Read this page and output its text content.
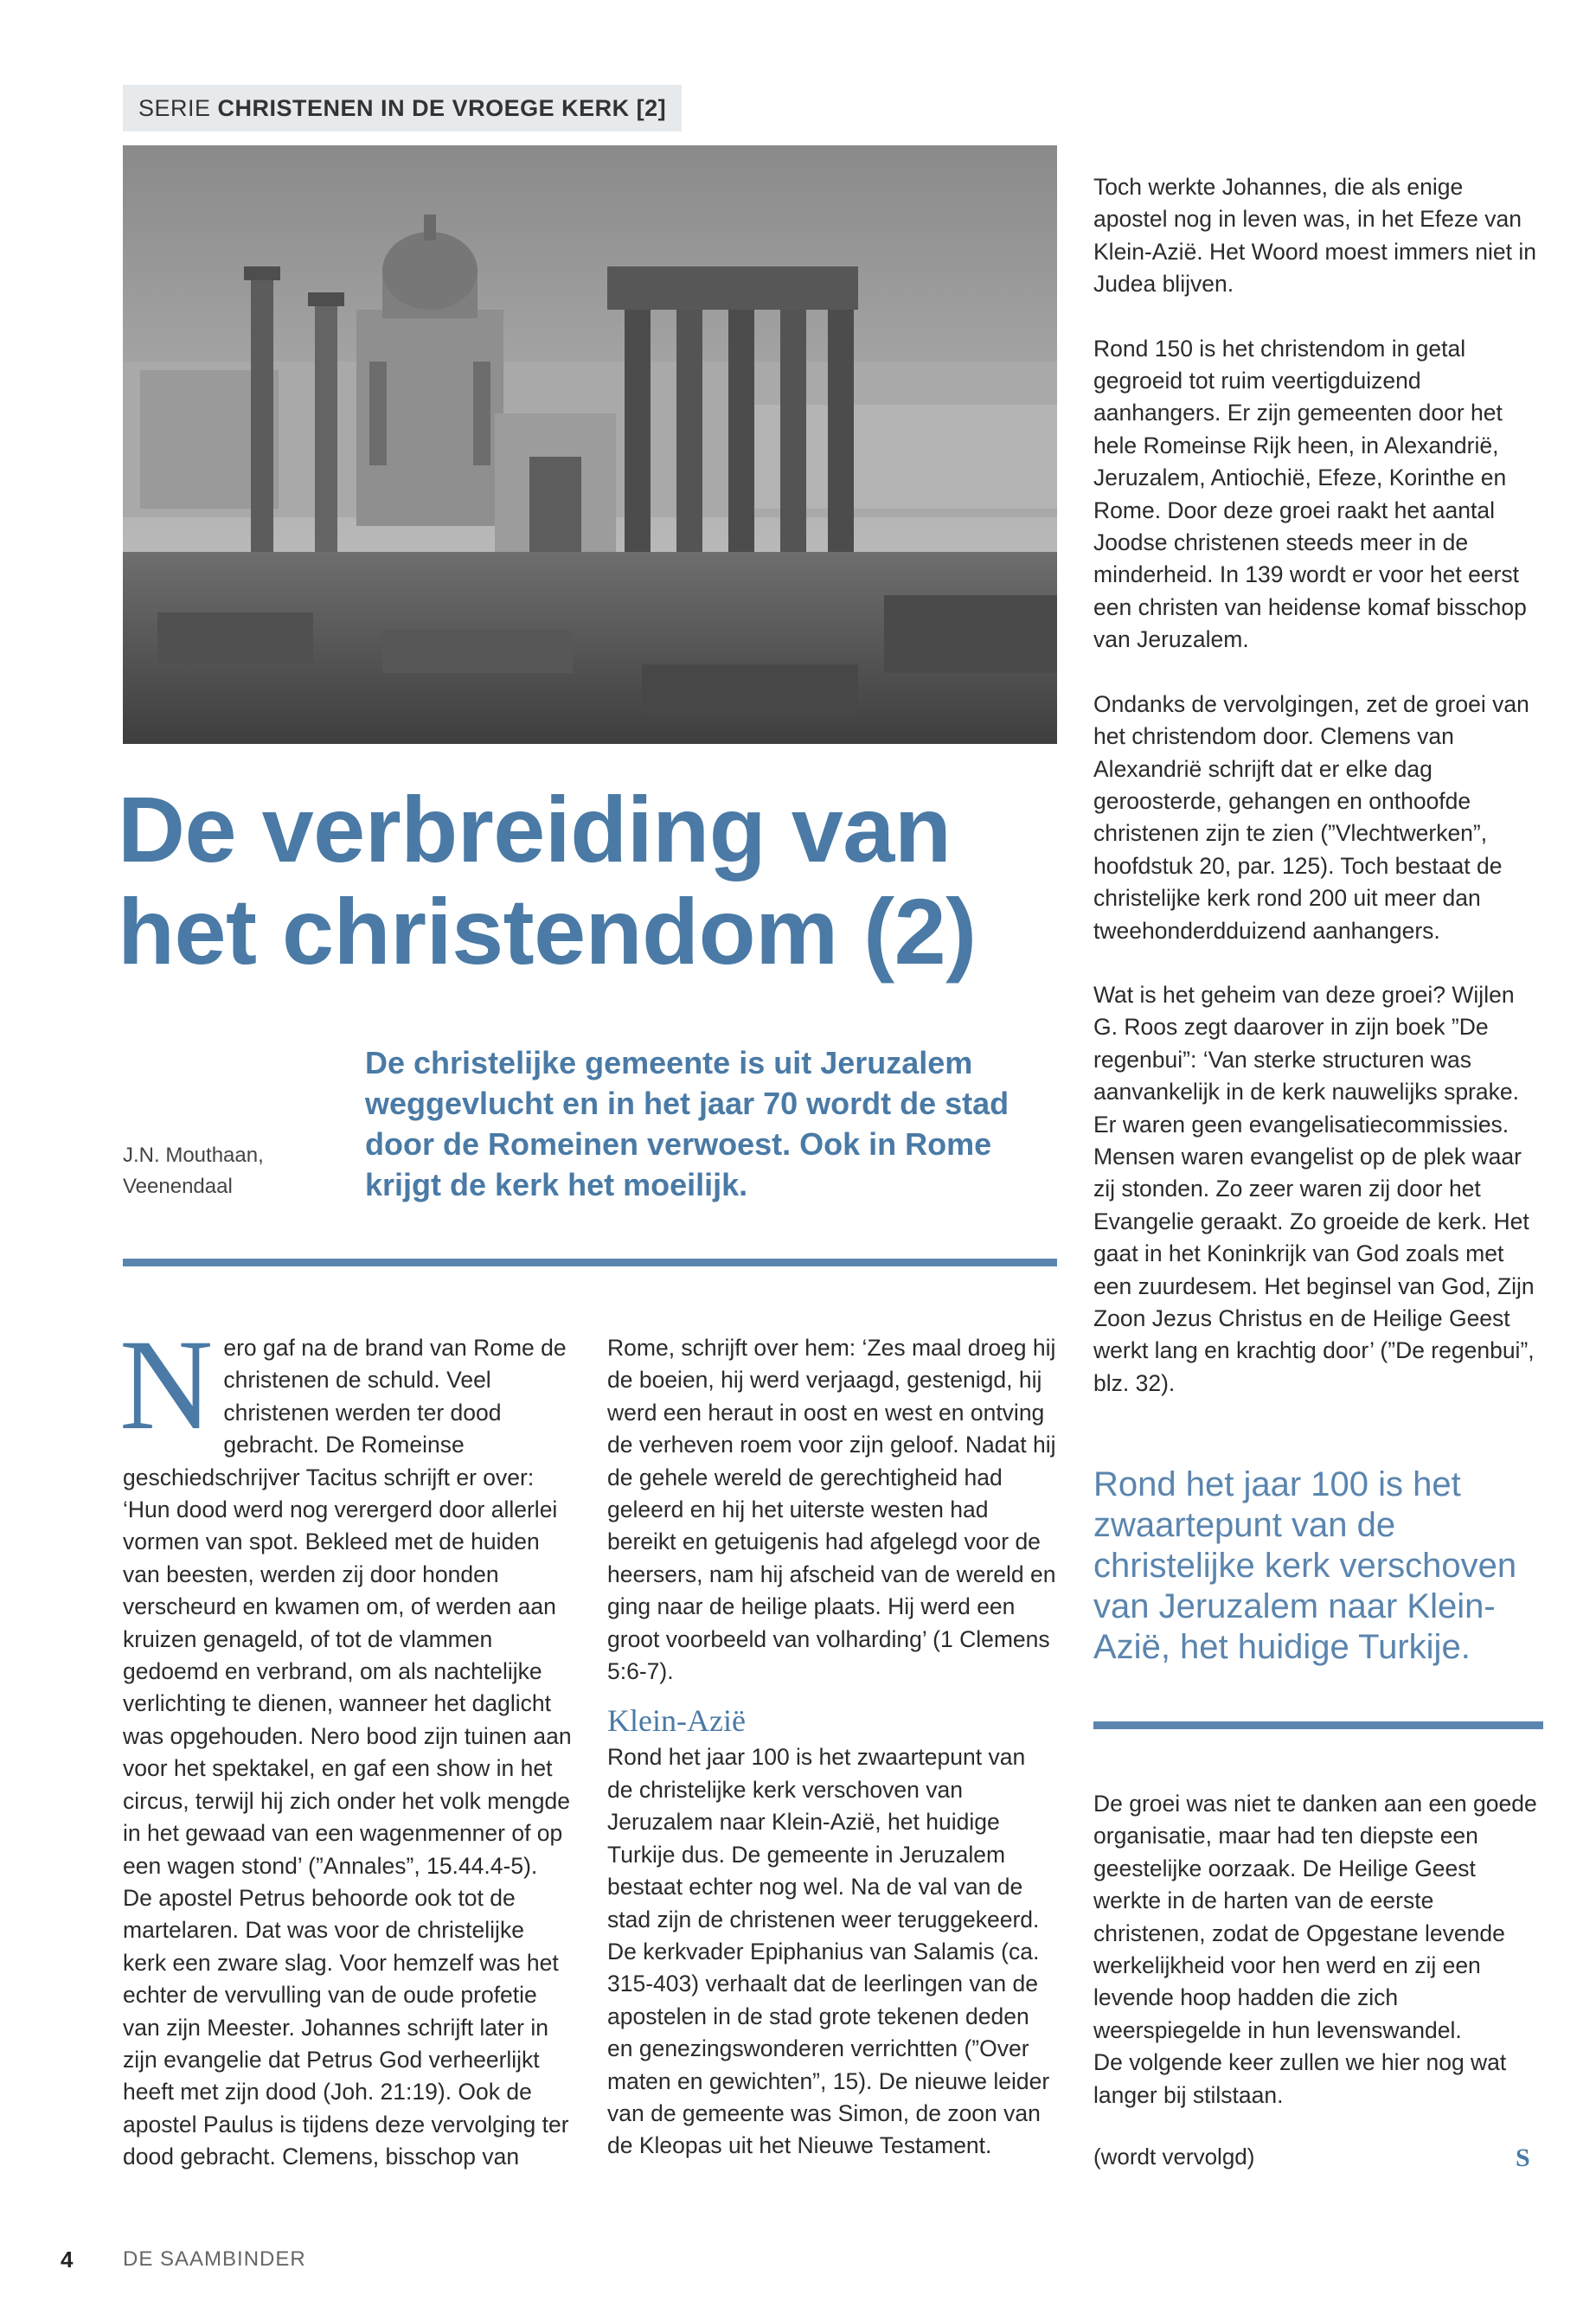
SERIE CHRISTENEN IN DE VROEGE KERK [2]
De verbreiding van
het christendom (2)
J.N. Mouthaan,
Veenendaal
De christelijke gemeente is uit Jeruzalem weggevlucht en in het jaar 70 wordt de stad door de Romeinen verwoest. Ook in Rome krijgt de kerk het moeilijk.

N ero gaf na de brand van Rome de christenen de schuld. Veel christenen werden ter dood gebracht. De Romeinse geschiedschrijver Tacitus schrijft er over: ‘Hun dood werd nog verergerd door allerlei vormen van spot. Bekleed met de huiden van beesten, werden zij door honden verscheurd en kwamen om, of werden aan kruizen genageld, of tot de vlammen gedoemd en verbrand, om als nachtelijke verlichting te dienen, wanneer het daglicht was opgehouden. Nero bood zijn tuinen aan voor het spektakel, en gaf een show in het circus, terwijl hij zich onder het volk mengde in het gewaad van een wagenmenner of op een wagen stond’ (”Annales”, 15.44.4-5).

De apostel Petrus behoorde ook tot de martelaren. Dat was voor de christelijke kerk een zware slag. Voor hemzelf was het echter de vervulling van de oude profetie van zijn Meester. Johannes schrijft later in zijn evangelie dat Petrus God verheerlijkt heeft met zijn dood (Joh. 21:19). Ook de apostel Paulus is tijdens deze vervolging ter dood gebracht. Clemens, bisschop van

Rome, schrijft over hem: ‘Zes maal droeg hij de boeien, hij werd verjaagd, gestenigd, hij werd een heraut in oost en west en ontving de verheven roem voor zijn geloof. Nadat hij de gehele wereld de gerechtigheid had geleerd en hij het uiterste westen had bereikt en getuigenis had afgelegd voor de heersers, nam hij afscheid van de wereld en ging naar de heilige plaats. Hij werd een groot voorbeeld van volharding’ (1 Clemens 5:6-7).

Klein-Azië

Rond het jaar 100 is het zwaartepunt van de christelijke kerk verschoven van Jeruzalem naar Klein-Azië, het huidige Turkije dus. De gemeente in Jeruzalem bestaat echter nog wel. Na de val van de stad zijn de christenen weer teruggekeerd.

De kerkvader Epiphanius van Salamis (ca. 315-403) verhaalt dat de leerlingen van de apostelen in de stad grote tekenen deden en genezingswonderen verrichtten (”Over maten en gewichten”, 15). De nieuwe leider van de gemeente was Simon, de zoon van de Kleopas uit het Nieuwe Testament.

Toch werkte Johannes, die als enige apostel nog in leven was, in het Efeze van Klein-Azië. Het Woord moest immers niet in Judea blijven.

Rond 150 is het christendom in getal gegroeid tot ruim veertigduizend aanhangers. Er zijn gemeenten door het hele Romeinse Rijk heen, in Alexandrië, Jeruzalem, Antiochië, Efeze, Korinthe en Rome. Door deze groei raakt het aantal Joodse christenen steeds meer in de minderheid. In 139 wordt er voor het eerst een christen van heidense komaf bisschop van Jeruzalem.

Ondanks de vervolgingen, zet de groei van het christendom door. Clemens van Alexandrië schrijft dat er elke dag geroosterde, gehangen en onthoofde christenen zijn te zien (”Vlechtwerken”, hoofdstuk 20, par. 125). Toch bestaat de christelijke kerk rond 200 uit meer dan tweehonderdduizend aanhangers.

Wat is het geheim van deze groei? Wijlen G. Roos zegt daarover in zijn boek ”De regenbui”: ‘Van sterke structuren was aanvankelijk in de kerk nauwelijks sprake. Er waren geen evangelisatiecommissies. Mensen waren evangelist op de plek waar zij stonden. Zo zeer waren zij door het Evangelie geraakt. Zo groeide de kerk. Het gaat in het Koninkrijk van God zoals met een zuurdesem. Het beginsel van God, Zijn Zoon Jezus Christus en de Heilige Geest werkt lang en krachtig door’ (”De regenbui”, blz. 32).

Rond het jaar 100 is het zwaartepunt van de christelijke kerk verschoven van Jeruzalem naar Klein-Azië, het huidige Turkije.

De groei was niet te danken aan een goede organisatie, maar had ten diepste een geestelijke oorzaak. De Heilige Geest werkte in de harten van de eerste christenen, zodat de Opgestane levende werkelijkheid voor hen werd en zij een levende hoop hadden die zich weerspiegelde in hun levenswandel.

De volgende keer zullen we hier nog wat langer bij stilstaan.

(wordt vervolgd)	S
4 DE SAAMBINDER
